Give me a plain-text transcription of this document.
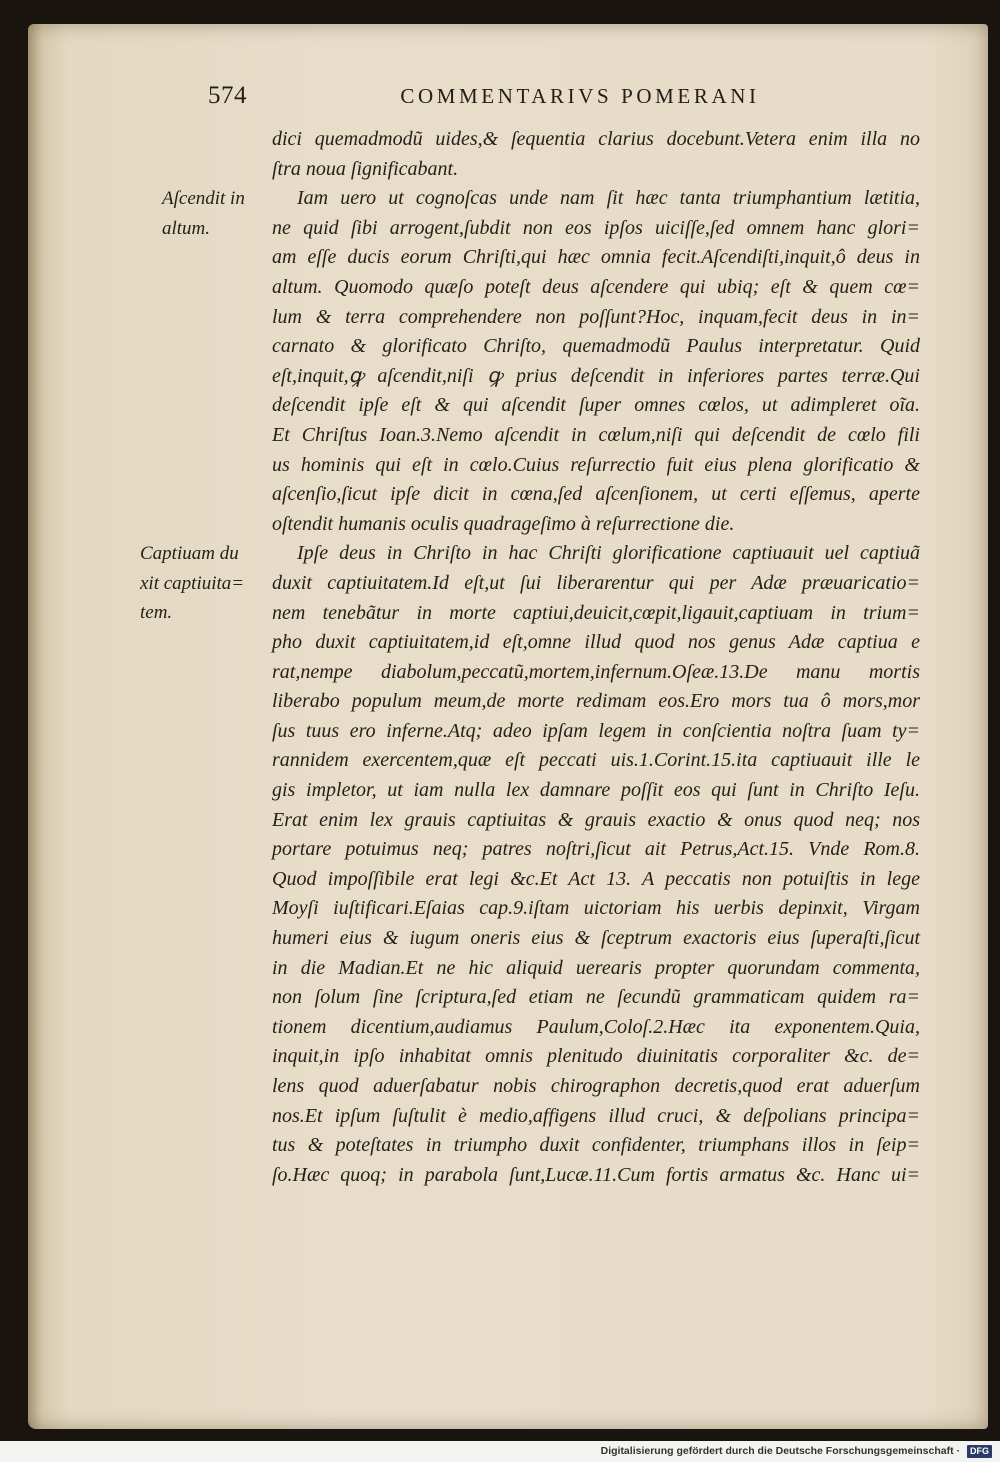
574	COMMENTARIVS POMERANI
Aſcendit in
altum.
Captiuam du
xit captiuita=
tem.
dici quemadmodũ uides,& ſequentia clarius docebunt.Vetera enim illa no
ſtra noua ſignificabant.
Iam uero ut cognoſcas unde nam ſit hæc tanta triumphantium lætitia,
ne quid ſibi arrogent,ſubdit non eos ipſos uiciſſe,ſed omnem hanc glori=
am eſſe ducis eorum Chriſti,qui hæc omnia fecit.Aſcendiſti,inquit,ô deus in
altum. Quomodo quæſo poteſt deus aſcendere qui ubiq; eſt & quem cœ=
lum & terra comprehendere non poſſunt?Hoc, inquam,fecit deus in in=
carnato & glorificato Chriſto, quemadmodũ Paulus interpretatur. Quid
eſt,inquit,ꝙ aſcendit,niſi ꝙ prius deſcendit in inferiores partes terræ.Qui
deſcendit ipſe eſt & qui aſcendit ſuper omnes cœlos, ut adimpleret oĩa.
Et Chriſtus Ioan.3.Nemo aſcendit in cœlum,niſi qui deſcendit de cœlo fili
us hominis qui eſt in cœlo.Cuius reſurrectio fuit eius plena glorificatio &
aſcenſio,ſicut ipſe dicit in cœna,ſed aſcenſionem, ut certi eſſemus, aperte
oſtendit humanis oculis quadrageſimo à reſurrectione die.
Ipſe deus in Chriſto in hac Chriſti glorificatione captiuauit uel captiuã
duxit captiuitatem.Id eſt,ut ſui liberarentur qui per Adæ præuaricatio=
nem tenebãtur in morte captiui,deuicit,cœpit,ligauit,captiuam in trium=
pho duxit captiuitatem,id eſt,omne illud quod nos genus Adæ captiua e
rat,nempe diabolum,peccatũ,mortem,infernum.Oſeæ.13.De manu mortis
liberabo populum meum,de morte redimam eos.Ero mors tua ô mors,mor
ſus tuus ero inferne.Atq; adeo ipſam legem in conſcientia noſtra ſuam ty=
rannidem exercentem,quæ eſt peccati uis.1.Corint.15.ita captiuauit ille le
gis impletor, ut iam nulla lex damnare poſſit eos qui ſunt in Chriſto Ieſu.
Erat enim lex grauis captiuitas & grauis exactio & onus quod neq; nos
portare potuimus neq; patres noſtri,ſicut ait Petrus,Act.15. Vnde Rom.8.
Quod impoſſibile erat legi &c.Et Act 13. A peccatis non potuiſtis in lege
Moyſi iuſtificari.Eſaias cap.9.iſtam uictoriam his uerbis depinxit, Virgam
humeri eius & iugum oneris eius & ſceptrum exactoris eius ſuperaſti,ſicut
in die Madian.Et ne hic aliquid uerearis propter quorundam commenta,
non ſolum ſine ſcriptura,ſed etiam ne ſecundũ grammaticam quidem ra=
tionem dicentium,audiamus Paulum,Coloſ.2.Hæc ita exponentem.Quia,
inquit,in ipſo inhabitat omnis plenitudo diuinitatis corporaliter &c. de=
lens quod aduerſabatur nobis chirographon decretis,quod erat aduerſum
nos.Et ipſum ſuſtulit è medio,affigens illud cruci, & deſpolians principa=
tus & poteſtates in triumpho duxit confidenter, triumphans illos in ſeip=
ſo.Hæc quoq; in parabola ſunt,Lucæ.11.Cum fortis armatus &c. Hanc ui=
Digitalisierung gefördert durch die Deutsche Forschungsgemeinschaft ·	DFG
